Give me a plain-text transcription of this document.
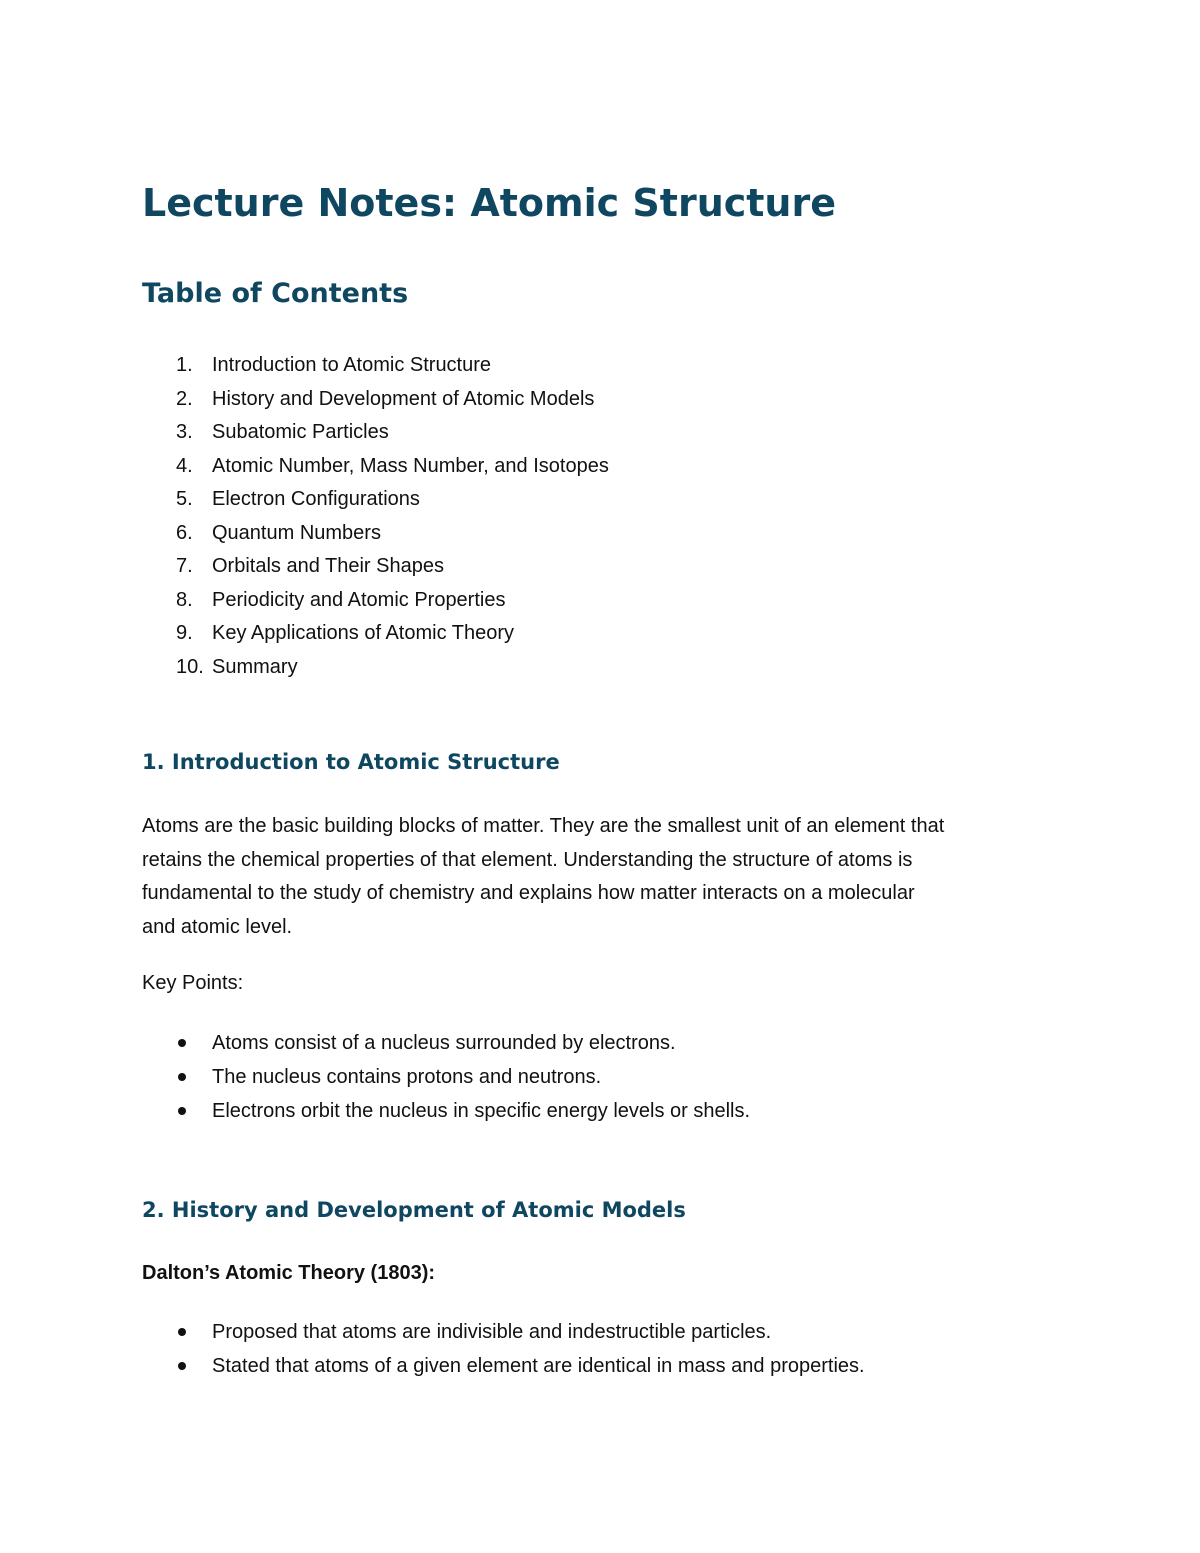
Lecture Notes: Atomic Structure
Table of Contents
1. Introduction to Atomic Structure
2. History and Development of Atomic Models
3. Subatomic Particles
4. Atomic Number, Mass Number, and Isotopes
5. Electron Configurations
6. Quantum Numbers
7. Orbitals and Their Shapes
8. Periodicity and Atomic Properties
9. Key Applications of Atomic Theory
10. Summary
1. Introduction to Atomic Structure

Atoms are the basic building blocks of matter. They are the smallest unit of an element that
retains the chemical properties of that element. Understanding the structure of atoms is
fundamental to the study of chemistry and explains how matter interacts on a molecular
and atomic level.

Key Points:

Atoms consist of a nucleus surrounded by electrons.
The nucleus contains protons and neutrons.
Electrons orbit the nucleus in specific energy levels or shells.
2. History and Development of Atomic Models

Dalton’s Atomic Theory (1803):

Proposed that atoms are indivisible and indestructible particles.
Stated that atoms of a given element are identical in mass and properties.
